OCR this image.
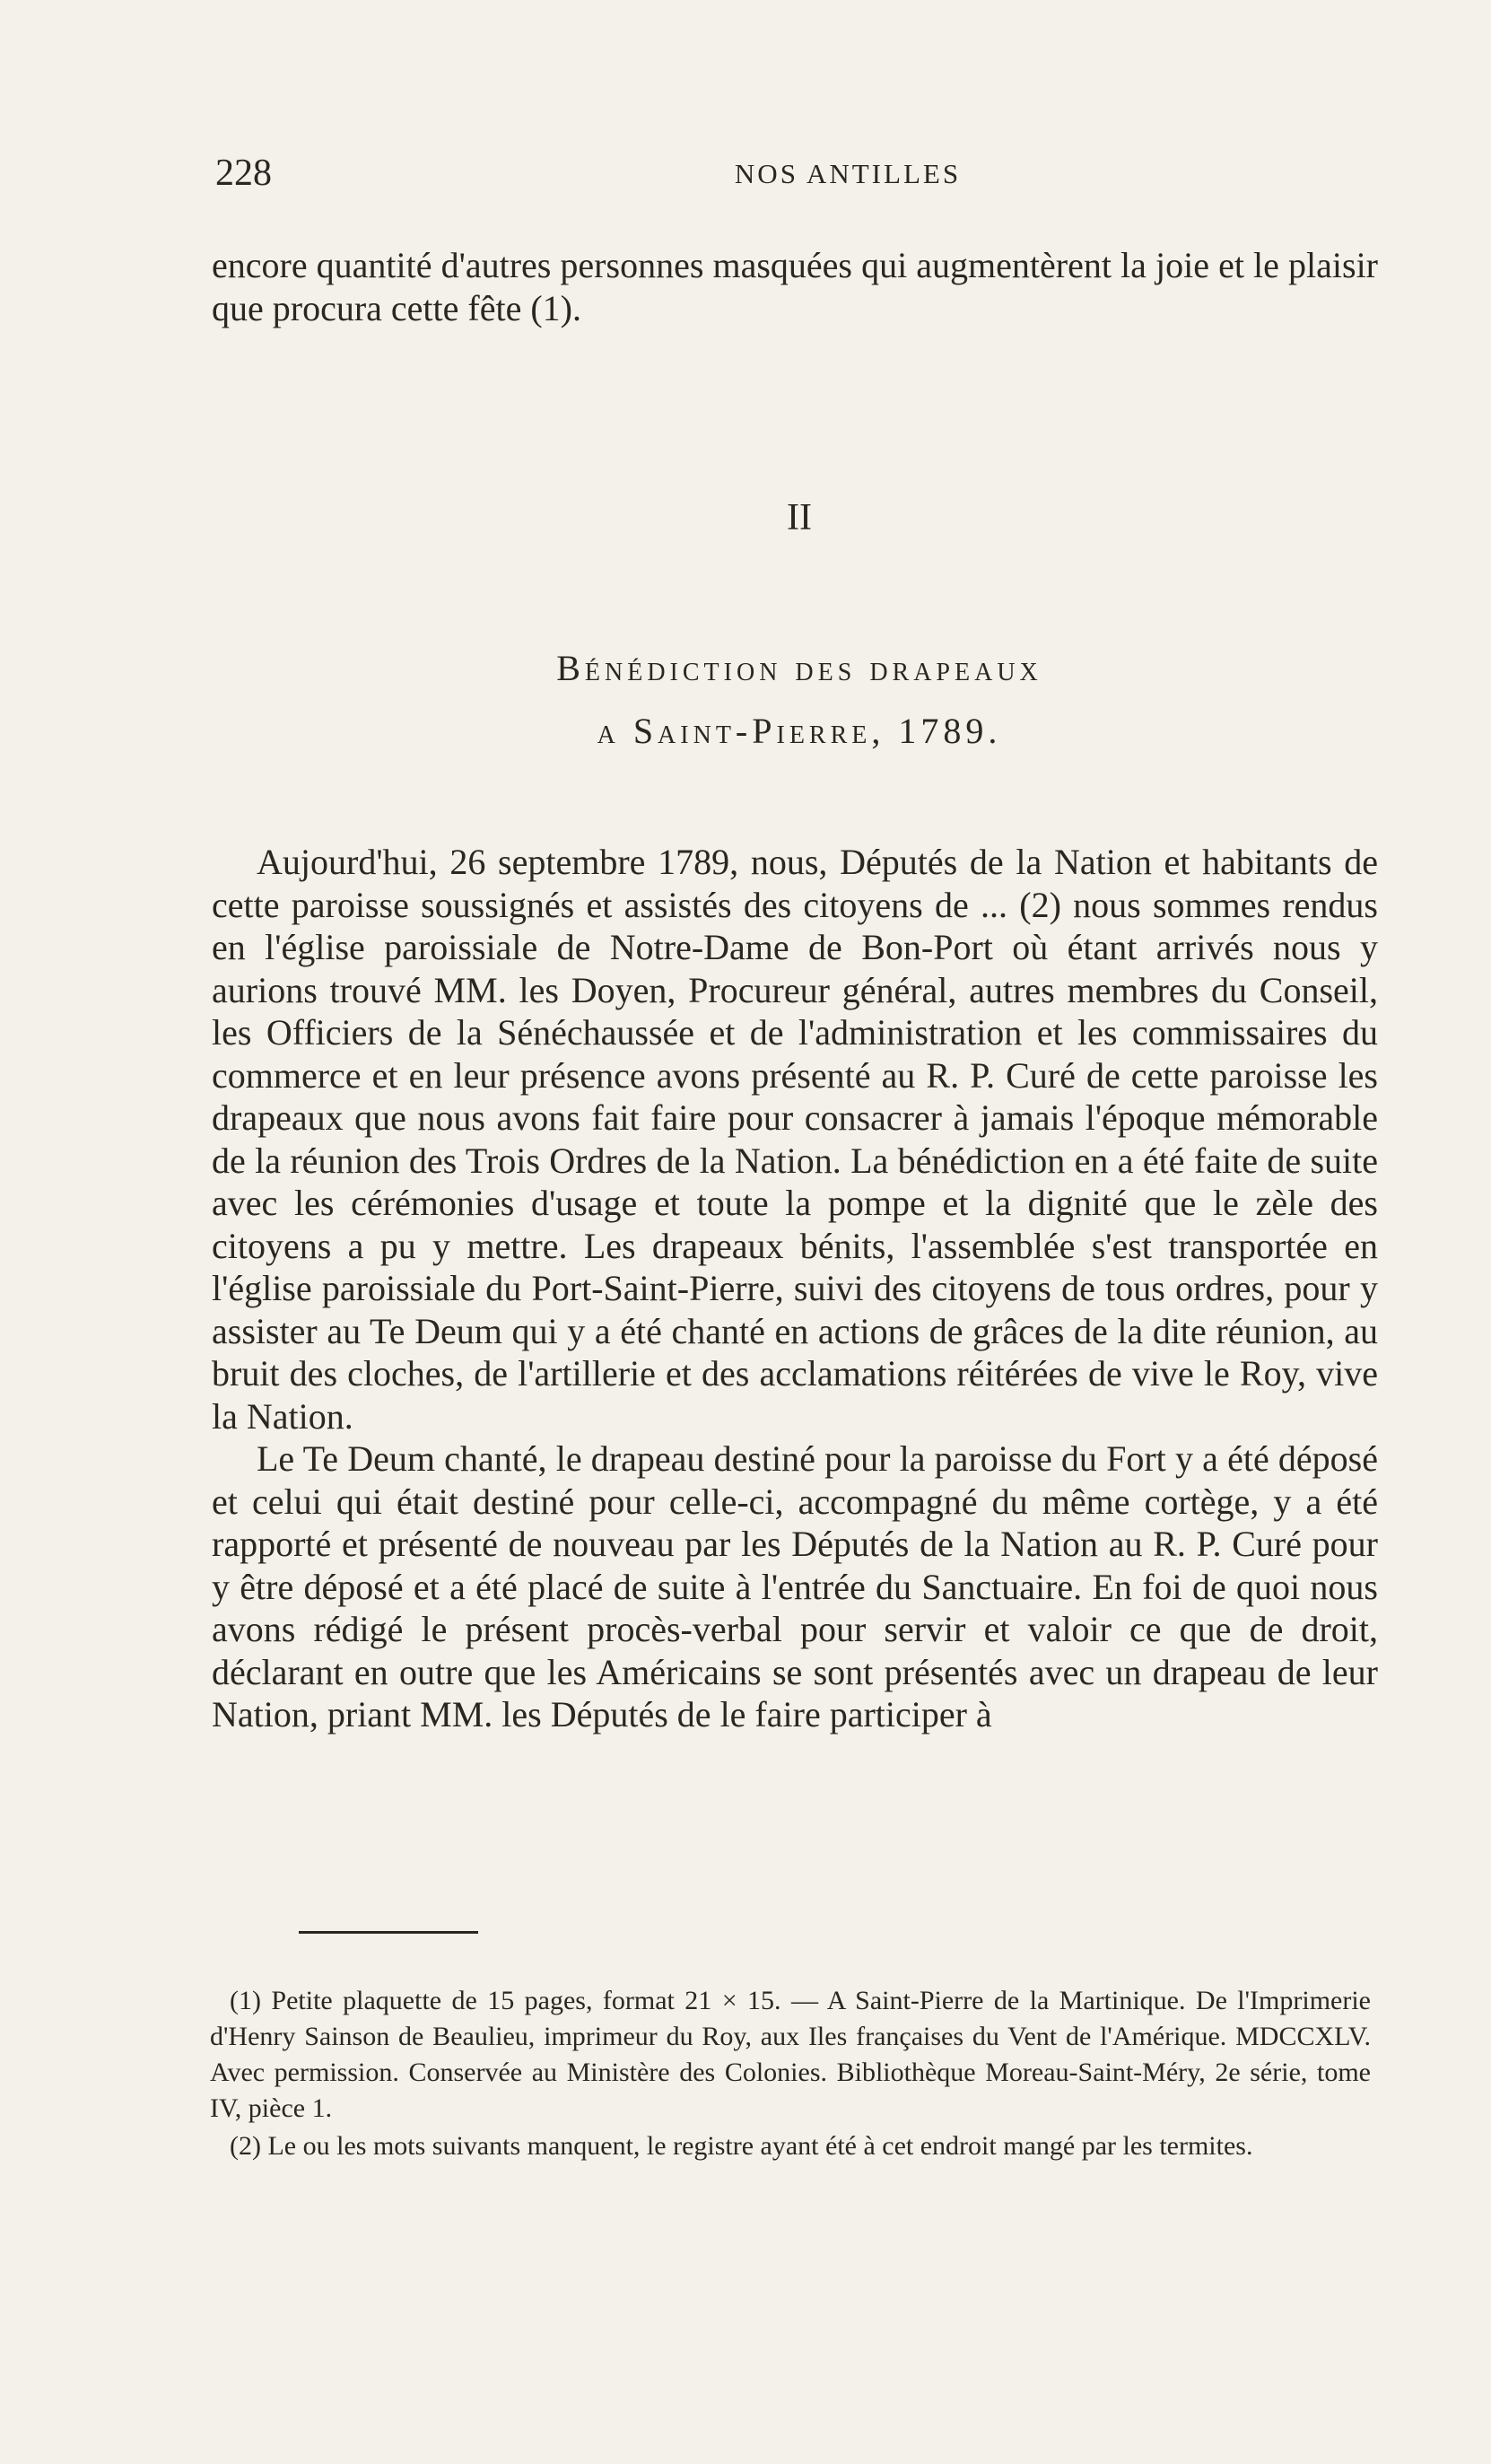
228	NOS ANTILLES
encore quantité d'autres personnes masquées qui augmentèrent la joie et le plaisir que procura cette fête (1).
II
Bénédiction des drapeaux
a Saint-Pierre, 1789.

Aujourd'hui, 26 septembre 1789, nous, Députés de la Nation et habitants de cette paroisse soussignés et assistés des citoyens de ... (2) nous sommes rendus en l'église paroissiale de Notre-Dame de Bon-Port où étant arrivés nous y aurions trouvé MM. les Doyen, Procureur général, autres membres du Conseil, les Officiers de la Sénéchaussée et de l'administration et les commissaires du commerce et en leur présence avons présenté au R. P. Curé de cette paroisse les drapeaux que nous avons fait faire pour consacrer à jamais l'époque mémorable de la réunion des Trois Ordres de la Nation. La bénédiction en a été faite de suite avec les cérémonies d'usage et toute la pompe et la dignité que le zèle des citoyens a pu y mettre. Les drapeaux bénits, l'assemblée s'est transportée en l'église paroissiale du Port-Saint-Pierre, suivi des citoyens de tous ordres, pour y assister au Te Deum qui y a été chanté en actions de grâces de la dite réunion, au bruit des cloches, de l'artillerie et des acclamations réitérées de vive le Roy, vive la Nation.

Le Te Deum chanté, le drapeau destiné pour la paroisse du Fort y a été déposé et celui qui était destiné pour celle-ci, accompagné du même cortège, y a été rapporté et présenté de nouveau par les Députés de la Nation au R. P. Curé pour y être déposé et a été placé de suite à l'entrée du Sanctuaire. En foi de quoi nous avons rédigé le présent procès-verbal pour servir et valoir ce que de droit, déclarant en outre que les Américains se sont présentés avec un drapeau de leur Nation, priant MM. les Députés de le faire participer à

(1) Petite plaquette de 15 pages, format 21 × 15. — A Saint-Pierre de la Martinique. De l'Imprimerie d'Henry Sainson de Beaulieu, imprimeur du Roy, aux Iles françaises du Vent de l'Amérique. MDCCXLV. Avec permission. Conservée au Ministère des Colonies. Bibliothèque Moreau-Saint-Méry, 2e série, tome IV, pièce 1.

(2) Le ou les mots suivants manquent, le registre ayant été à cet endroit mangé par les termites.
